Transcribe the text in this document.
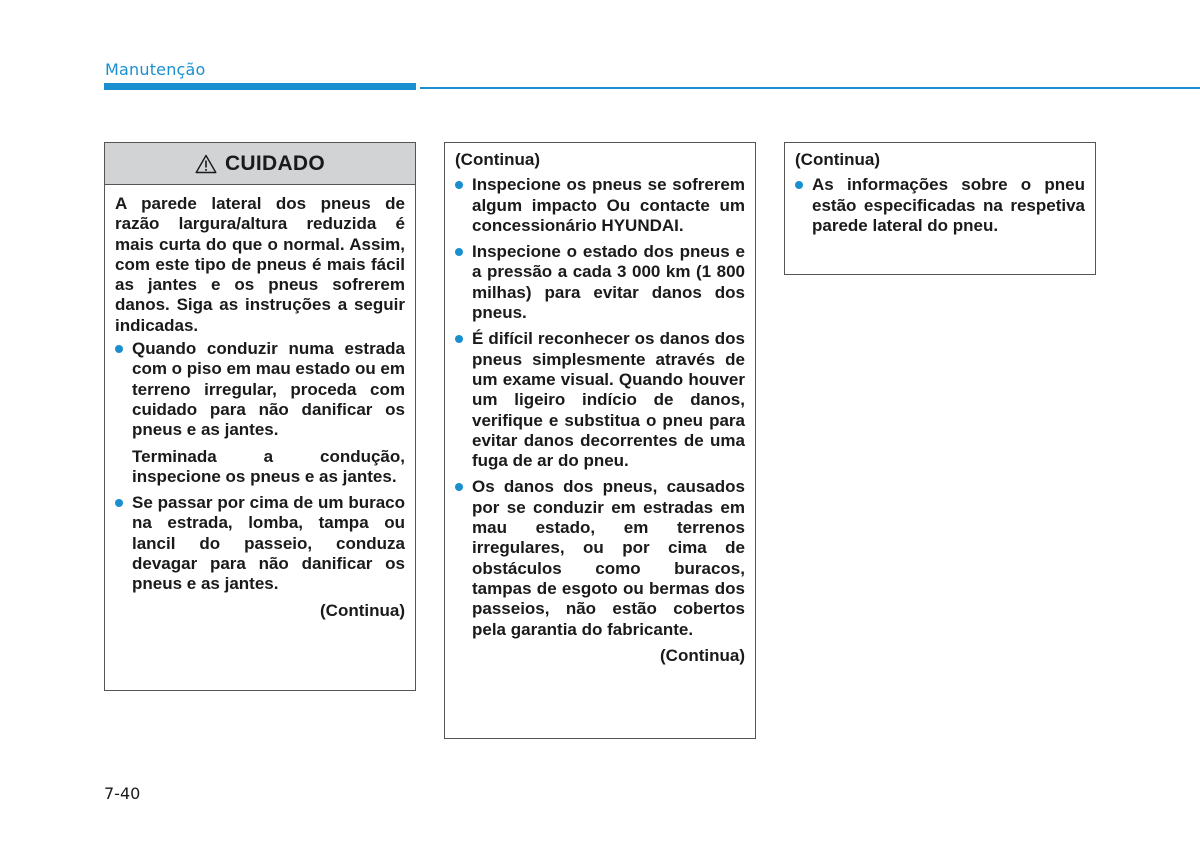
Manutenção
CUIDADO

A parede lateral dos pneus de razão largura/altura reduzida é mais curta do que o normal. Assim, com este tipo de pneus é mais fácil as jantes e os pneus sofrerem danos. Siga as instruções a seguir indicadas.

Quando conduzir numa estrada com o piso em mau estado ou em terreno irregular, proceda com cuidado para não danificar os pneus e as jantes.

Terminada a condução, inspecione os pneus e as jantes.

Se passar por cima de um buraco na estrada, lomba, tampa ou lancil do passeio, conduza devagar para não danificar os pneus e as jantes.

(Continua)

(Continua)

Inspecione os pneus se sofrerem algum impacto Ou contacte um concessionário HYUNDAI.
Inspecione o estado dos pneus e a pressão a cada 3 000 km (1 800 milhas) para evitar danos dos pneus.
É difícil reconhecer os danos dos pneus simplesmente através de um exame visual. Quando houver um ligeiro indício de danos, verifique e substitua o pneu para evitar danos decorrentes de uma fuga de ar do pneu.
Os danos dos pneus, causados por se conduzir em estradas em mau estado, em terrenos irregulares, ou por cima de obstáculos como buracos, tampas de esgoto ou bermas dos passeios, não estão cobertos pela garantia do fabricante.

(Continua)

(Continua)

As informações sobre o pneu estão especificadas na respetiva parede lateral do pneu.
7-40
